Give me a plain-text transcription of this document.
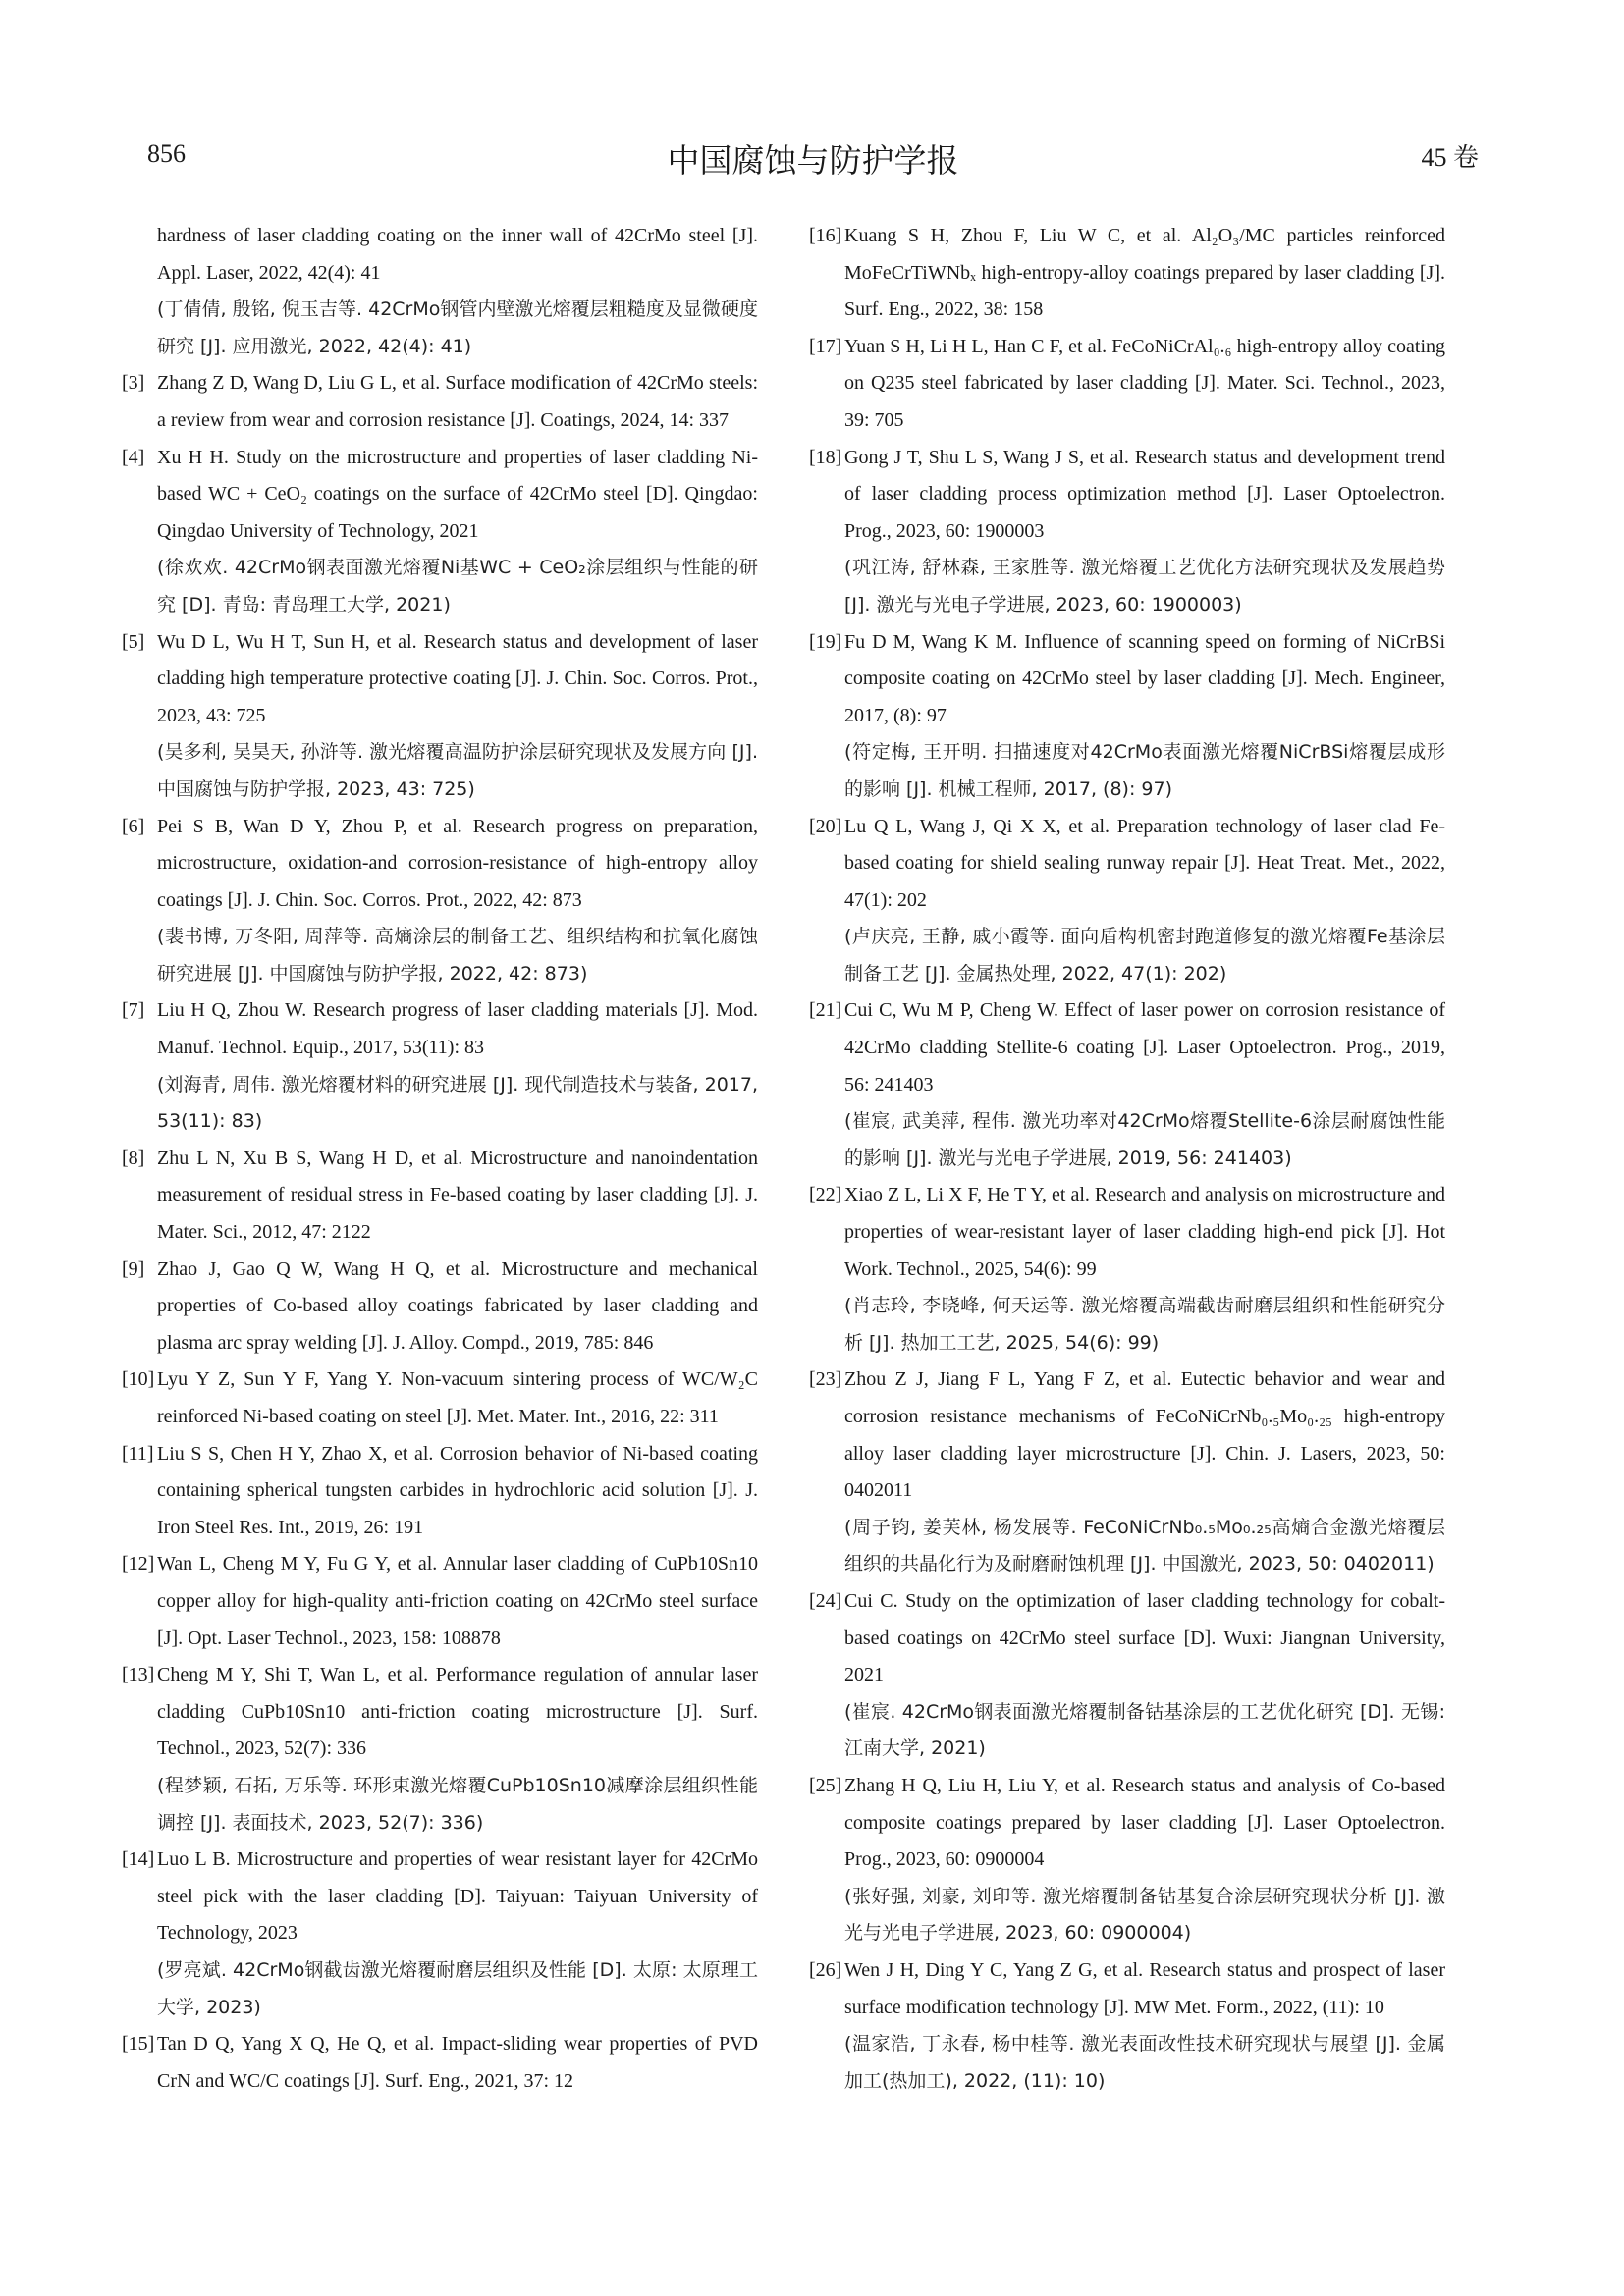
856	中国腐蚀与防护学报	45 卷

hardness of laser cladding coating on the inner wall of 42CrMo steel [J]. Appl. Laser, 2022, 42(4): 41

(丁倩倩, 殷铭, 倪玉吉等. 42CrMo钢管内壁激光熔覆层粗糙度及显微硬度研究 [J]. 应用激光, 2022, 42(4): 41)

[3] Zhang Z D, Wang D, Liu G L, et al. Surface modification of 42CrMo steels: a review from wear and corrosion resistance [J]. Coatings, 2024, 14: 337

[4] Xu H H. Study on the microstructure and properties of laser cladding Ni-based WC + CeO₂ coatings on the surface of 42CrMo steel [D]. Qingdao: Qingdao University of Technology, 2021

(徐欢欢. 42CrMo钢表面激光熔覆Ni基WC + CeO₂涂层组织与性能的研究 [D]. 青岛: 青岛理工大学, 2021)

[5] Wu D L, Wu H T, Sun H, et al. Research status and development of laser cladding high temperature protective coating [J]. J. Chin. Soc. Corros. Prot., 2023, 43: 725

(吴多利, 吴昊天, 孙浒等. 激光熔覆高温防护涂层研究现状及发展方向 [J]. 中国腐蚀与防护学报, 2023, 43: 725)

[6] Pei S B, Wan D Y, Zhou P, et al. Research progress on preparation, microstructure, oxidation-and corrosion-resistance of high-entropy alloy coatings [J]. J. Chin. Soc. Corros. Prot., 2022, 42: 873

(裴书博, 万冬阳, 周萍等. 高熵涂层的制备工艺、组织结构和抗氧化腐蚀研究进展 [J]. 中国腐蚀与防护学报, 2022, 42: 873)

[7] Liu H Q, Zhou W. Research progress of laser cladding materials [J]. Mod. Manuf. Technol. Equip., 2017, 53(11): 83

(刘海青, 周伟. 激光熔覆材料的研究进展 [J]. 现代制造技术与装备, 2017, 53(11): 83)

[8] Zhu L N, Xu B S, Wang H D, et al. Microstructure and nanoindentation measurement of residual stress in Fe-based coating by laser cladding [J]. J. Mater. Sci., 2012, 47: 2122

[9] Zhao J, Gao Q W, Wang H Q, et al. Microstructure and mechanical properties of Co-based alloy coatings fabricated by laser cladding and plasma arc spray welding [J]. J. Alloy. Compd., 2019, 785: 846

[10] Lyu Y Z, Sun Y F, Yang Y. Non-vacuum sintering process of WC/W₂C reinforced Ni-based coating on steel [J]. Met. Mater. Int., 2016, 22: 311

[11] Liu S S, Chen H Y, Zhao X, et al. Corrosion behavior of Ni-based coating containing spherical tungsten carbides in hydrochloric acid solution [J]. J. Iron Steel Res. Int., 2019, 26: 191

[12] Wan L, Cheng M Y, Fu G Y, et al. Annular laser cladding of CuPb10Sn10 copper alloy for high-quality anti-friction coating on 42CrMo steel surface [J]. Opt. Laser Technol., 2023, 158: 108878

[13] Cheng M Y, Shi T, Wan L, et al. Performance regulation of annular laser cladding CuPb10Sn10 anti-friction coating microstructure [J]. Surf. Technol., 2023, 52(7): 336

(程梦颖, 石拓, 万乐等. 环形束激光熔覆CuPb10Sn10减摩涂层组织性能调控 [J]. 表面技术, 2023, 52(7): 336)

[14] Luo L B. Microstructure and properties of wear resistant layer for 42CrMo steel pick with the laser cladding [D]. Taiyuan: Taiyuan University of Technology, 2023

(罗亮斌. 42CrMo钢截齿激光熔覆耐磨层组织及性能 [D]. 太原: 太原理工大学, 2023)

[15] Tan D Q, Yang X Q, He Q, et al. Impact-sliding wear properties of PVD CrN and WC/C coatings [J]. Surf. Eng., 2021, 37: 12

[16] Kuang S H, Zhou F, Liu W C, et al. Al₂O₃/MC particles reinforced MoFeCrTiWNbₓ high-entropy-alloy coatings prepared by laser cladding [J]. Surf. Eng., 2022, 38: 158

[17] Yuan S H, Li H L, Han C F, et al. FeCoNiCrAl₀.₆ high-entropy alloy coating on Q235 steel fabricated by laser cladding [J]. Mater. Sci. Technol., 2023, 39: 705

[18] Gong J T, Shu L S, Wang J S, et al. Research status and development trend of laser cladding process optimization method [J]. Laser Optoelectron. Prog., 2023, 60: 1900003

(巩江涛, 舒林森, 王家胜等. 激光熔覆工艺优化方法研究现状及发展趋势 [J]. 激光与光电子学进展, 2023, 60: 1900003)

[19] Fu D M, Wang K M. Influence of scanning speed on forming of NiCrBSi composite coating on 42CrMo steel by laser cladding [J]. Mech. Engineer, 2017, (8): 97

(符定梅, 王开明. 扫描速度对42CrMo表面激光熔覆NiCrBSi熔覆层成形的影响 [J]. 机械工程师, 2017, (8): 97)

[20] Lu Q L, Wang J, Qi X X, et al. Preparation technology of laser clad Fe-based coating for shield sealing runway repair [J]. Heat Treat. Met., 2022, 47(1): 202

(卢庆亮, 王静, 戚小霞等. 面向盾构机密封跑道修复的激光熔覆Fe基涂层制备工艺 [J]. 金属热处理, 2022, 47(1): 202)

[21] Cui C, Wu M P, Cheng W. Effect of laser power on corrosion resistance of 42CrMo cladding Stellite-6 coating [J]. Laser Optoelectron. Prog., 2019, 56: 241403

(崔宸, 武美萍, 程伟. 激光功率对42CrMo熔覆Stellite-6涂层耐腐蚀性能的影响 [J]. 激光与光电子学进展, 2019, 56: 241403)

[22] Xiao Z L, Li X F, He T Y, et al. Research and analysis on microstructure and properties of wear-resistant layer of laser cladding high-end pick [J]. Hot Work. Technol., 2025, 54(6): 99

(肖志玲, 李晓峰, 何天运等. 激光熔覆高端截齿耐磨层组织和性能研究分析 [J]. 热加工工艺, 2025, 54(6): 99)

[23] Zhou Z J, Jiang F L, Yang F Z, et al. Eutectic behavior and wear and corrosion resistance mechanisms of FeCoNiCrNb₀.₅Mo₀.₂₅ high-entropy alloy laser cladding layer microstructure [J]. Chin. J. Lasers, 2023, 50: 0402011

(周子钧, 姜芙林, 杨发展等. FeCoNiCrNb₀.₅Mo₀.₂₅高熵合金激光熔覆层组织的共晶化行为及耐磨耐蚀机理 [J]. 中国激光, 2023, 50: 0402011)

[24] Cui C. Study on the optimization of laser cladding technology for cobalt-based coatings on 42CrMo steel surface [D]. Wuxi: Jiangnan University, 2021

(崔宸. 42CrMo钢表面激光熔覆制备钴基涂层的工艺优化研究 [D]. 无锡: 江南大学, 2021)

[25] Zhang H Q, Liu H, Liu Y, et al. Research status and analysis of Co-based composite coatings prepared by laser cladding [J]. Laser Optoelectron. Prog., 2023, 60: 0900004

(张好强, 刘豪, 刘印等. 激光熔覆制备钴基复合涂层研究现状分析 [J]. 激光与光电子学进展, 2023, 60: 0900004)

[26] Wen J H, Ding Y C, Yang Z G, et al. Research status and prospect of laser surface modification technology [J]. MW Met. Form., 2022, (11): 10

(温家浩, 丁永春, 杨中桂等. 激光表面改性技术研究现状与展望 [J]. 金属加工(热加工), 2022, (11): 10)
